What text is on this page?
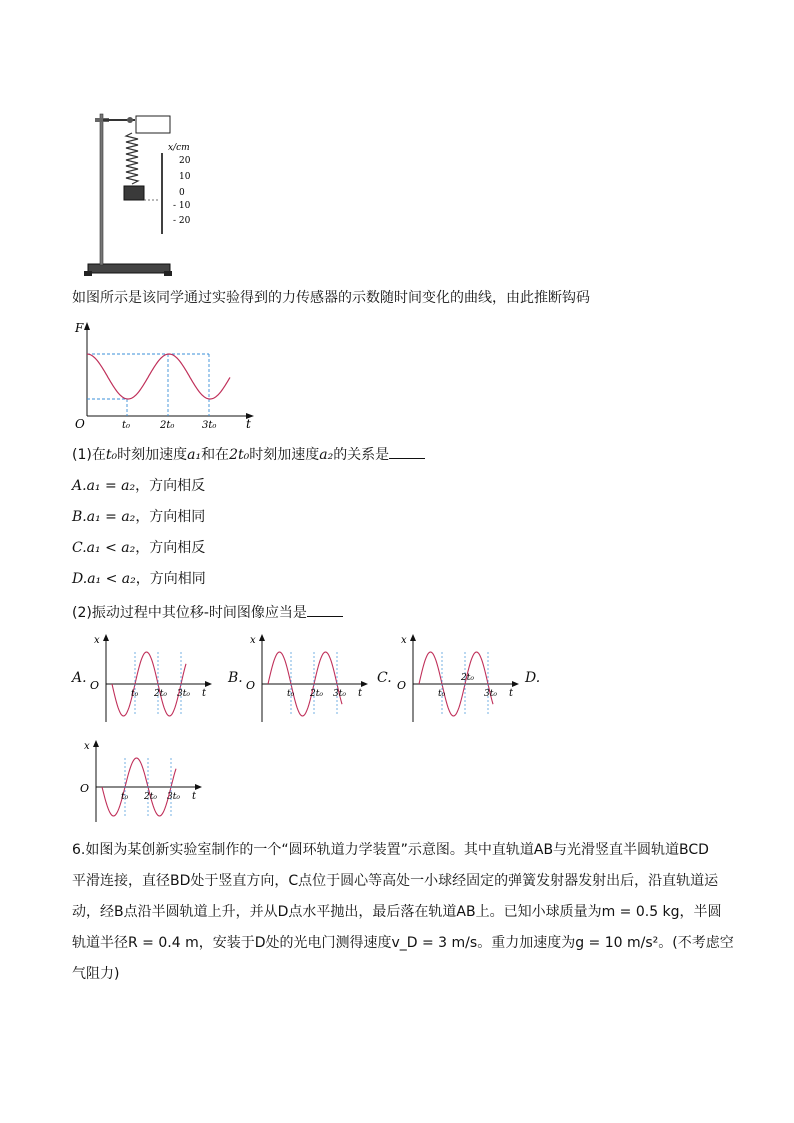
x/cm
20
10
0
- 10
- 20
如图所示是该同学通过实验得到的力传感器的示数随时间变化的曲线，由此推断钩码
F
O	t
t₀	2t₀	3t₀
(1)在t₀时刻加速度a₁和在2t₀时刻加速度a₂的关系是
A.a₁ = a₂，方向相反
B.a₁ = a₂，方向相同
C.a₁ < a₂，方向相反
D.a₁ < a₂，方向相同
(2)振动过程中其位移-时间图像应当是
A.	B.	C.	D.
O
x
t
t₀ 2t₀ 3t₀
O
x
t
t₀ 2t₀ 3t₀
O
x
t
t₀
2t₀
3t₀
O
x
t
t₀ 2t₀ 3t₀
6.如图为某创新实验室制作的一个“圆环轨道力学装置”示意图。其中直轨道AB与光滑竖直半圆轨道BCD
平滑连接，直径BD处于竖直方向，C点位于圆心等高处一小球经固定的弹簧发射器发射出后，沿直轨道运
动，经B点沿半圆轨道上升，并从D点水平抛出，最后落在轨道AB上。已知小球质量为m = 0.5 kg，半圆
轨道半径R = 0.4 m，安装于D处的光电门测得速度v_D = 3 m/s。重力加速度为g = 10 m/s²。(不考虑空
气阻力)
